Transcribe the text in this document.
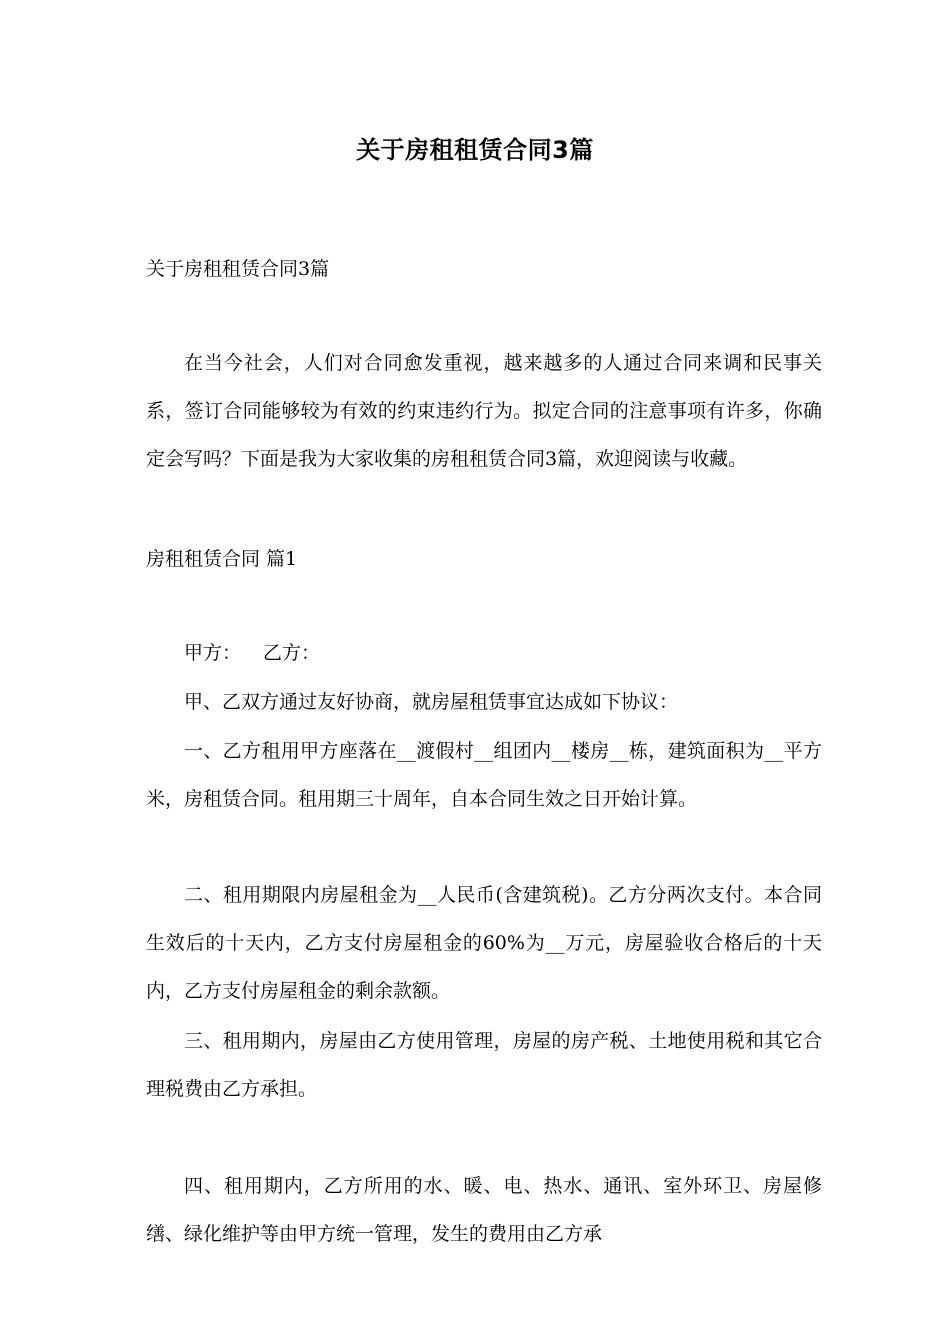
关于房租租赁合同3篇
关于房租租赁合同3篇

在当今社会，人们对合同愈发重视，越来越多的人通过合同来调和民事关系，签订合同能够较为有效的约束违约行为。拟定合同的注意事项有许多，你确定会写吗？下面是我为大家收集的房租租赁合同3篇，欢迎阅读与收藏。

房租租赁合同 篇1

甲方： 乙方：

甲、乙双方通过友好协商，就房屋租赁事宜达成如下协议：

一、乙方租用甲方座落在__渡假村__组团内__楼房__栋，建筑面积为__平方米，房租赁合同。租用期三十周年，自本合同生效之日开始计算。

二、租用期限内房屋租金为__人民币(含建筑税)。乙方分两次支付。本合同生效后的十天内，乙方支付房屋租金的60%为__万元，房屋验收合格后的十天内，乙方支付房屋租金的剩余款额。

三、租用期内，房屋由乙方使用管理，房屋的房产税、土地使用税和其它合理税费由乙方承担。

四、租用期内，乙方所用的水、暖、电、热水、通讯、室外环卫、房屋修缮、绿化维护等由甲方统一管理，发生的费用由乙方承
